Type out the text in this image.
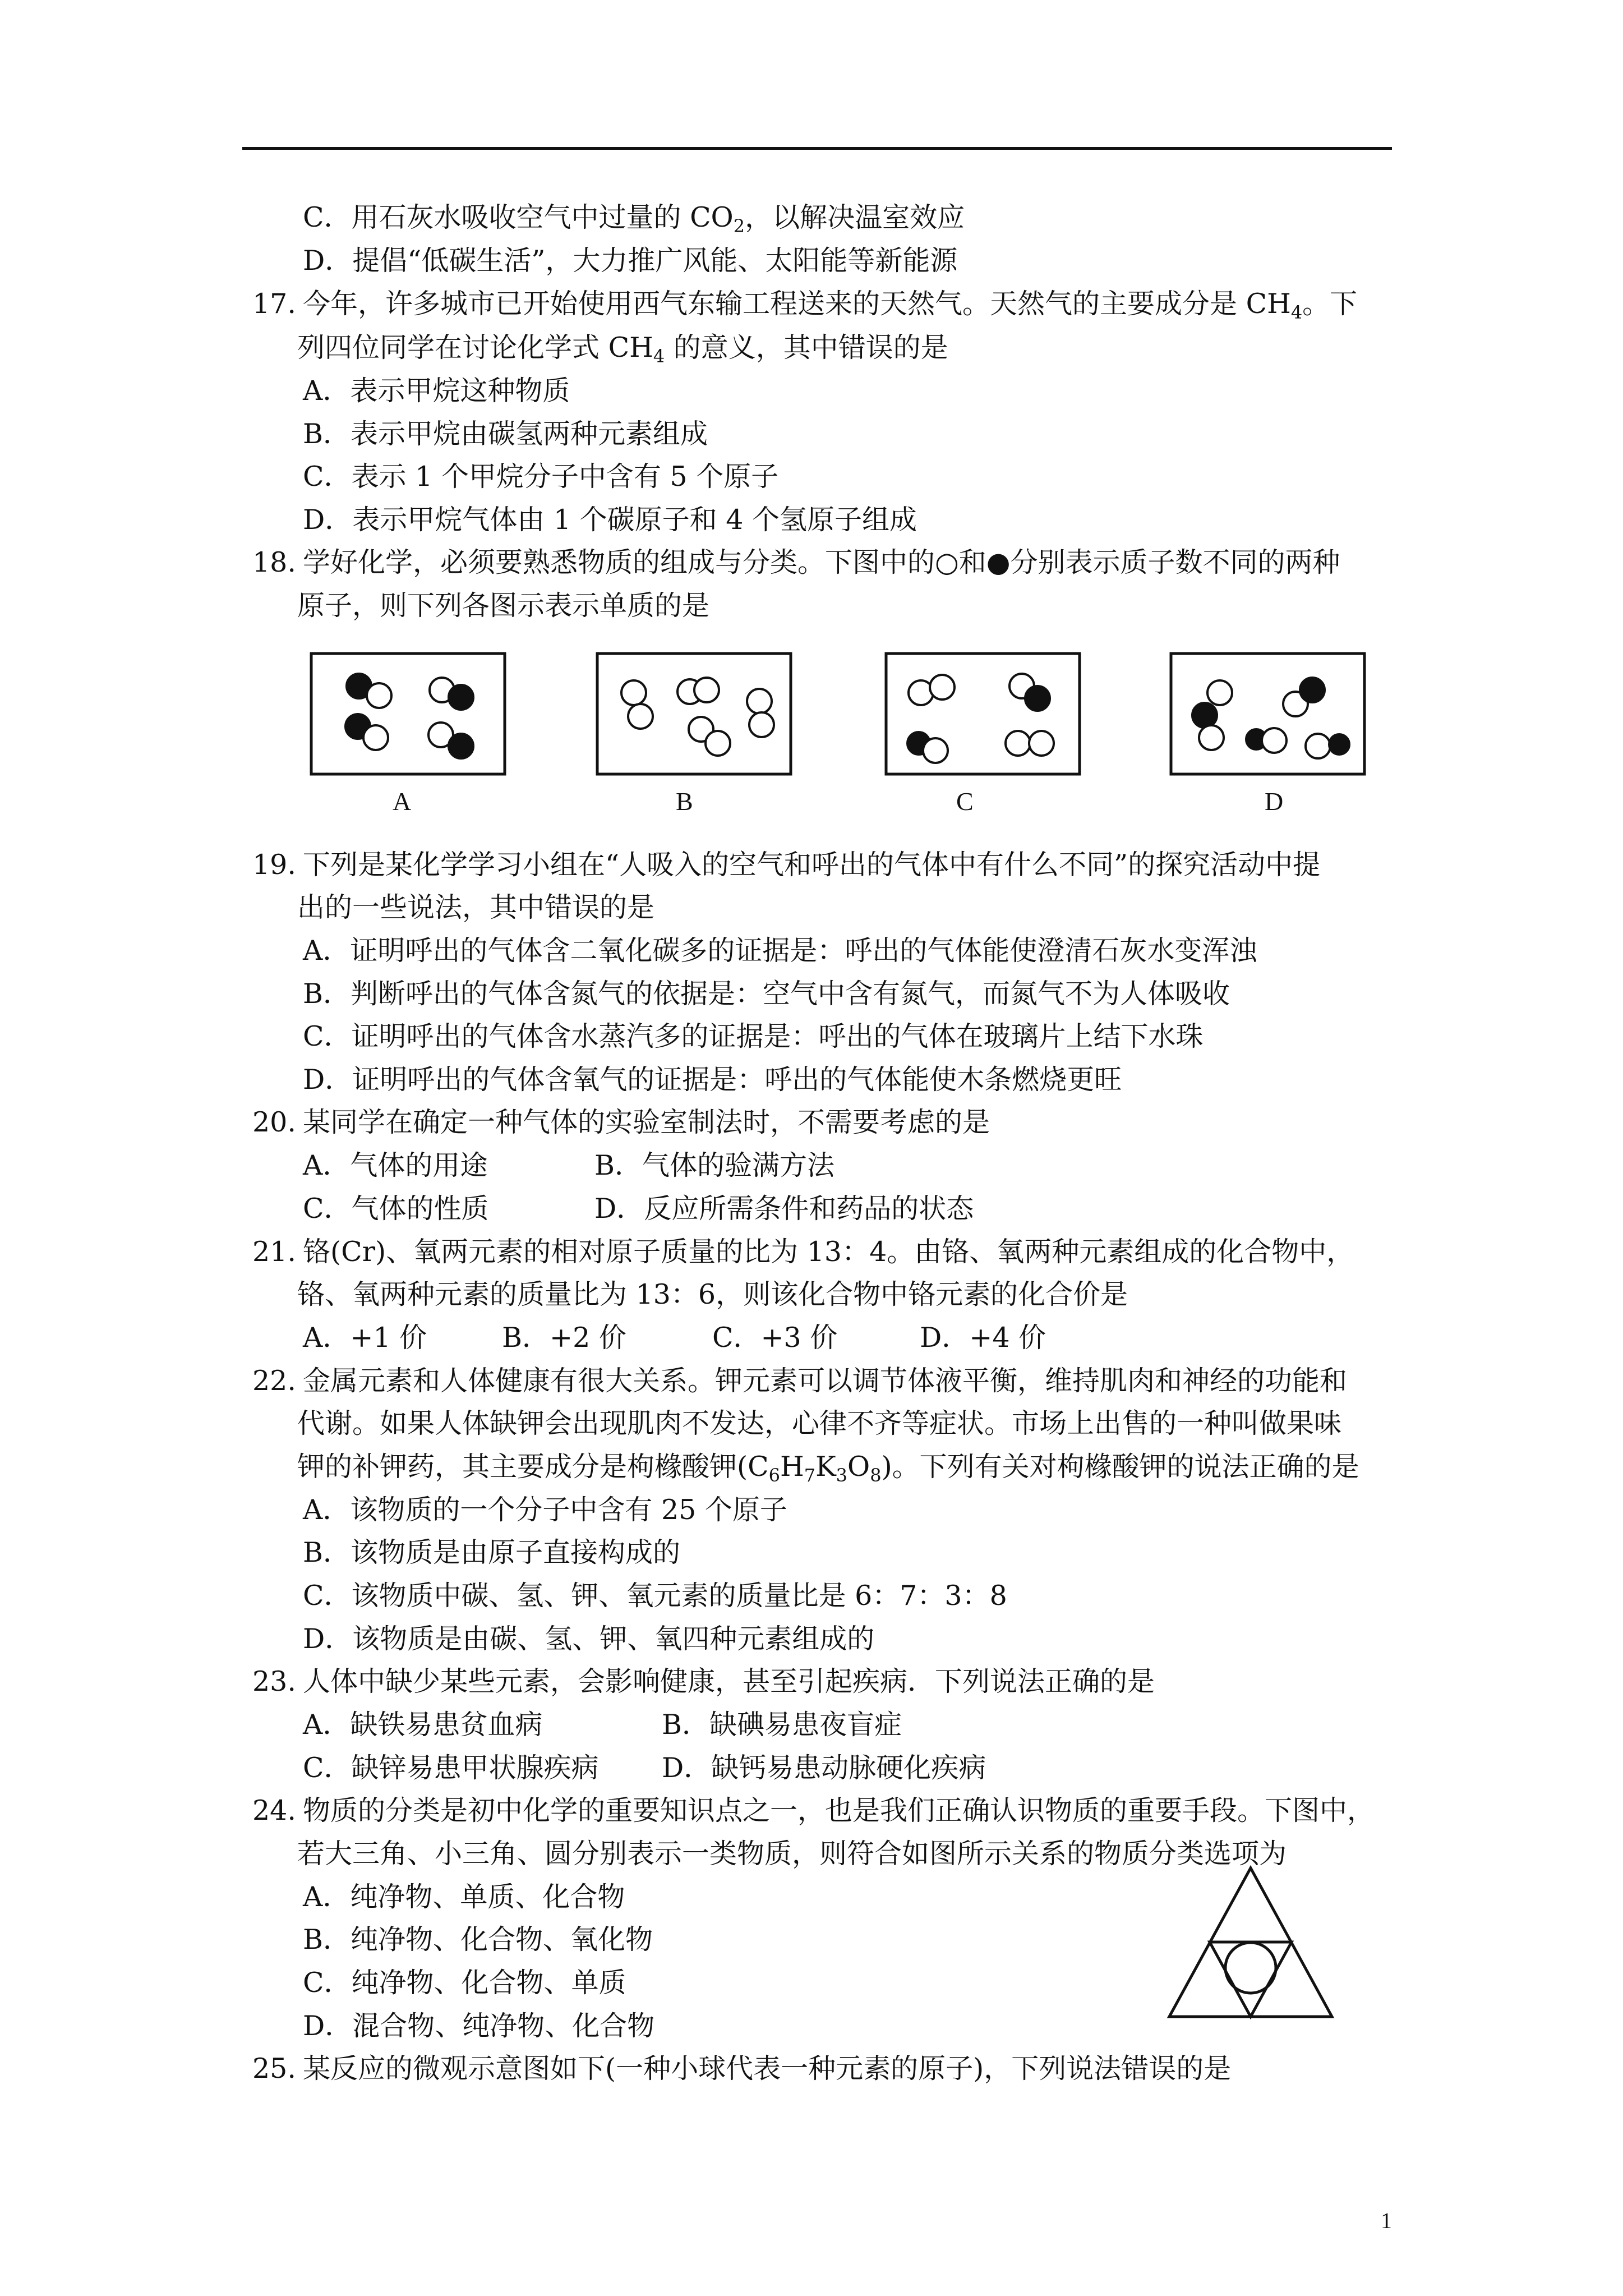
C．用石灰水吸收空气中过量的 $CO_2$，以解决温室效应
D．提倡“低碳生活”，大力推广风能、太阳能等新能源
17. 今年，许多城市已开始使用西气东输工程送来的天然气。天然气的主要成分是 $CH_4$。下
列四位同学在讨论化学式 $CH_4$ 的意义，其中错误的是
A．表示甲烷这种物质
B．表示甲烷由碳氢两种元素组成
C．表示 1 个甲烷分子中含有 5 个原子
D．表示甲烷气体由 1 个碳原子和 4 个氢原子组成
18. 学好化学，必须要熟悉物质的组成与分类。下图中的○和●分别表示质子数不同的两种
原子，则下列各图示表示单质的是
A	B	C	D
19. 下列是某化学学习小组在“人吸入的空气和呼出的气体中有什么不同”的探究活动中提
出的一些说法，其中错误的是
A．证明呼出的气体含二氧化碳多的证据是：呼出的气体能使澄清石灰水变浑浊
B．判断呼出的气体含氮气的依据是：空气中含有氮气，而氮气不为人体吸收
C．证明呼出的气体含水蒸汽多的证据是：呼出的气体在玻璃片上结下水珠
D．证明呼出的气体含氧气的证据是：呼出的气体能使木条燃烧更旺
20. 某同学在确定一种气体的实验室制法时，不需要考虑的是
A．气体的用途	B．气体的验满方法
C．气体的性质	D．反应所需条件和药品的状态
21. 铬(Cr)、氧两元素的相对原子质量的比为 13：4。由铬、氧两种元素组成的化合物中，
铬、氧两种元素的质量比为 13：6，则该化合物中铬元素的化合价是
A．+1 价	B．+2 价	C．+3 价	D．+4 价
22. 金属元素和人体健康有很大关系。钾元素可以调节体液平衡，维持肌肉和神经的功能和
代谢。如果人体缺钾会出现肌肉不发达，心律不齐等症状。市场上出售的一种叫做果味
钾的补钾药，其主要成分是枸橼酸钾$(C_6H_7K_3O_8)$。下列有关对枸橼酸钾的说法正确的是
A．该物质的一个分子中含有 25 个原子
B．该物质是由原子直接构成的
C．该物质中碳、氢、钾、氧元素的质量比是 6：7：3：8
D．该物质是由碳、氢、钾、氧四种元素组成的
23. 人体中缺少某些元素，会影响健康，甚至引起疾病．下列说法正确的是
A．缺铁易患贫血病	B．缺碘易患夜盲症
C．缺锌易患甲状腺疾病 D．缺钙易患动脉硬化疾病
24. 物质的分类是初中化学的重要知识点之一，也是我们正确认识物质的重要手段。下图中，
若大三角、小三角、圆分别表示一类物质，则符合如图所示关系的物质分类选项为
A．纯净物、单质、化合物
B．纯净物、化合物、氧化物
C．纯净物、化合物、单质
D．混合物、纯净物、化合物
25. 某反应的微观示意图如下(一种小球代表一种元素的原子)，下列说法错误的是
1
